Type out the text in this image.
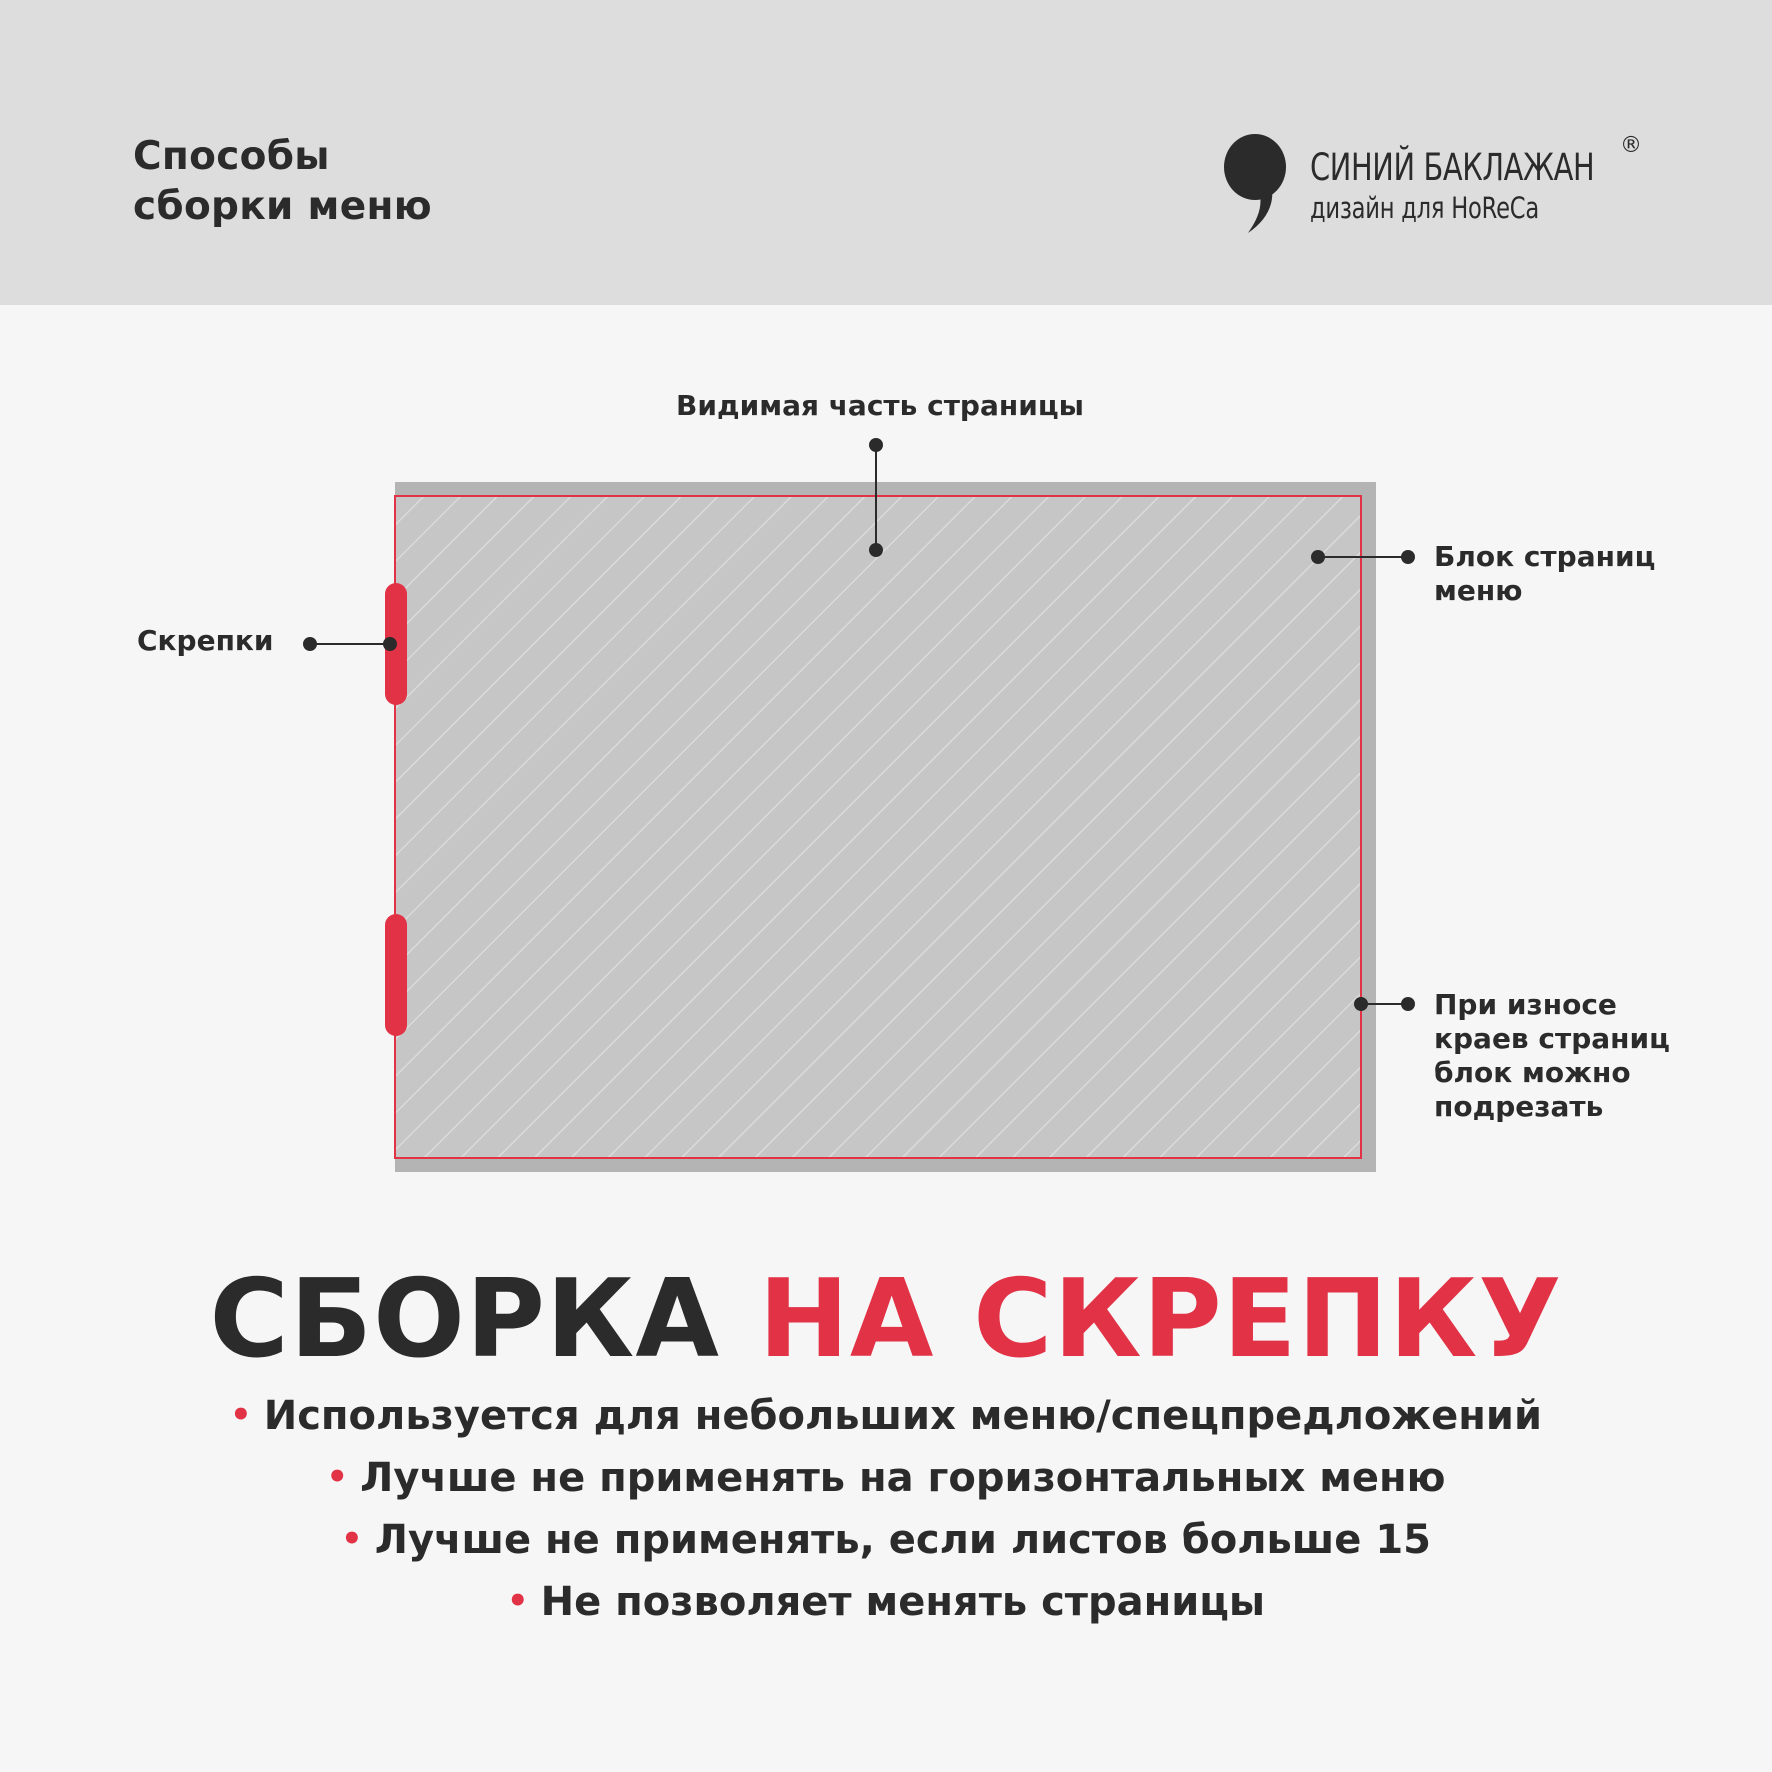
Способы
сборки меню
СИНИЙ БАКЛАЖАН
®
дизайн для HoReCa
Видимая часть страницы
Блок страниц
меню
Скрепки
При износе
краев страниц
блок можно
подрезать
СБОРКА НА СКРЕПКУ
• Используется для небольших меню/спецпредложений
• Лучше не применять на горизонтальных меню
• Лучше не применять, если листов больше 15
• Не позволяет менять страницы
